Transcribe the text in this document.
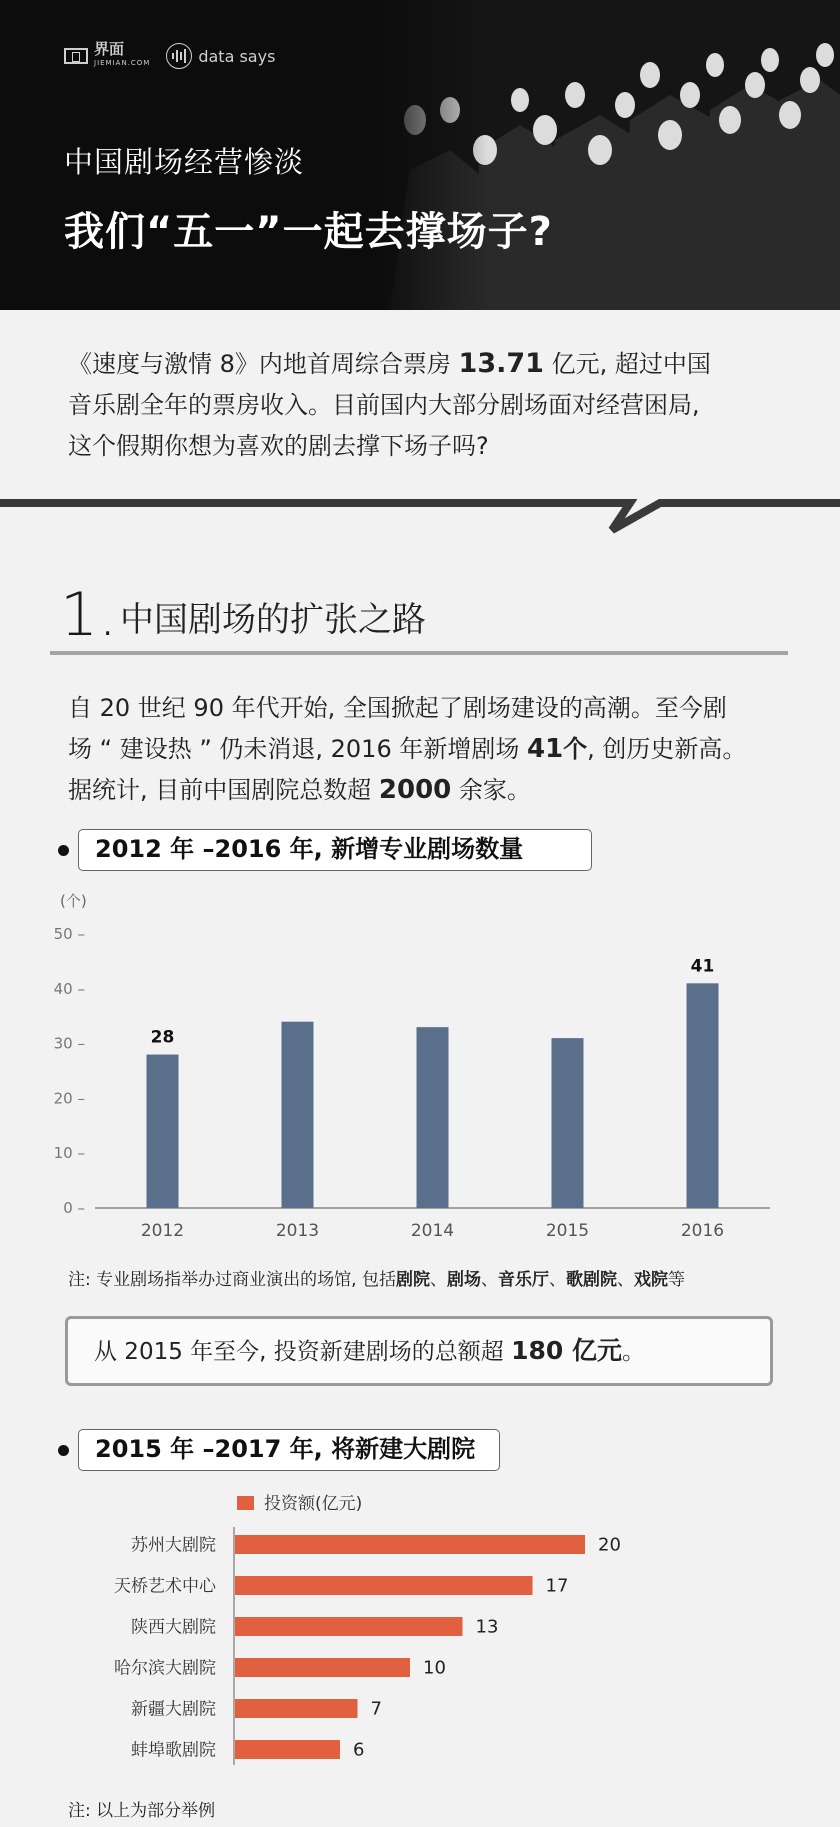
界面
JIEMIAN.COM	data says
中国剧场经营惨淡
我们“五一”一起去撑场子?
《速度与激情 8》内地首周综合票房 13.71 亿元, 超过中国
音乐剧全年的票房收入。目前国内大部分剧场面对经营困局,
这个假期你想为喜欢的剧去撑下场子吗?
1. 中国剧场的扩张之路
自 20 世纪 90 年代开始, 全国掀起了剧场建设的高潮。至今剧
场 “ 建设热 ” 仍未消退, 2016 年新增剧场 41个, 创历史新高。
据统计, 目前中国剧院总数超 2000 余家。
2012 年 –2016 年, 新增专业剧场数量
(个)
0 –
10 –
20 –
30 –
40 –
50 –
2012
28
2013	2014	2015	2016
41
注: 专业剧场指举办过商业演出的场馆, 包括剧院、剧场、音乐厅、歌剧院、戏院等
从 2015 年至今, 投资新建剧场的总额超 180 亿元。
2015 年 –2017 年, 将新建大剧院
投资额(亿元)
苏州大剧院	20
天桥艺术中心	17
陕西大剧院	13
哈尔滨大剧院	10
新疆大剧院	7
蚌埠歌剧院	6
注: 以上为部分举例
